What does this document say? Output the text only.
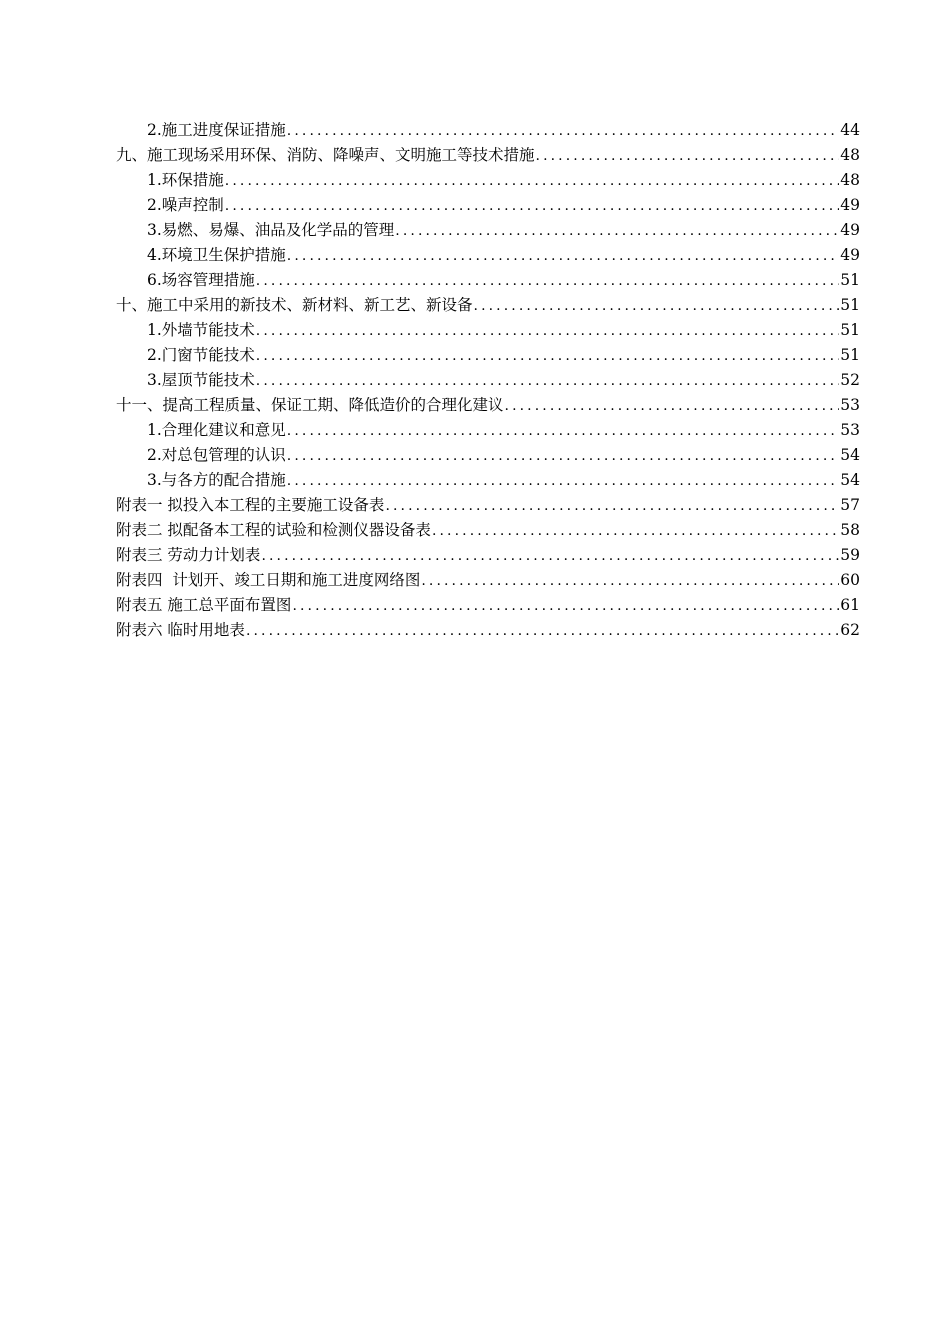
2.施工进度保证措施 .....	44
九、施工现场采用环保、消防、降噪声、文明施工等技术措施 .....	48
1.环保措施 .....	48
2.噪声控制 .....	49
3.易燃、易爆、油品及化学品的管理 .....	49
4.环境卫生保护措施 .....	49
6.场容管理措施 .....	51
十、施工中采用的新技术、新材料、新工艺、新设备 .....	51
1.外墙节能技术 .....	51
2.门窗节能技术 .....	51
3.屋顶节能技术 .....	52
十一、提高工程质量、保证工期、降低造价的合理化建议 .....	53
1.合理化建议和意见 .....	53
2.对总包管理的认识 .....	54
3.与各方的配合措施 .....	54
附表一 拟投入本工程的主要施工设备表 .....	57
附表二 拟配备本工程的试验和检测仪器设备表 .....	58
附表三 劳动力计划表 .....	59
附表四  计划开、竣工日期和施工进度网络图 .....	60
附表五 施工总平面布置图 .....	61
附表六 临时用地表 .....	62
